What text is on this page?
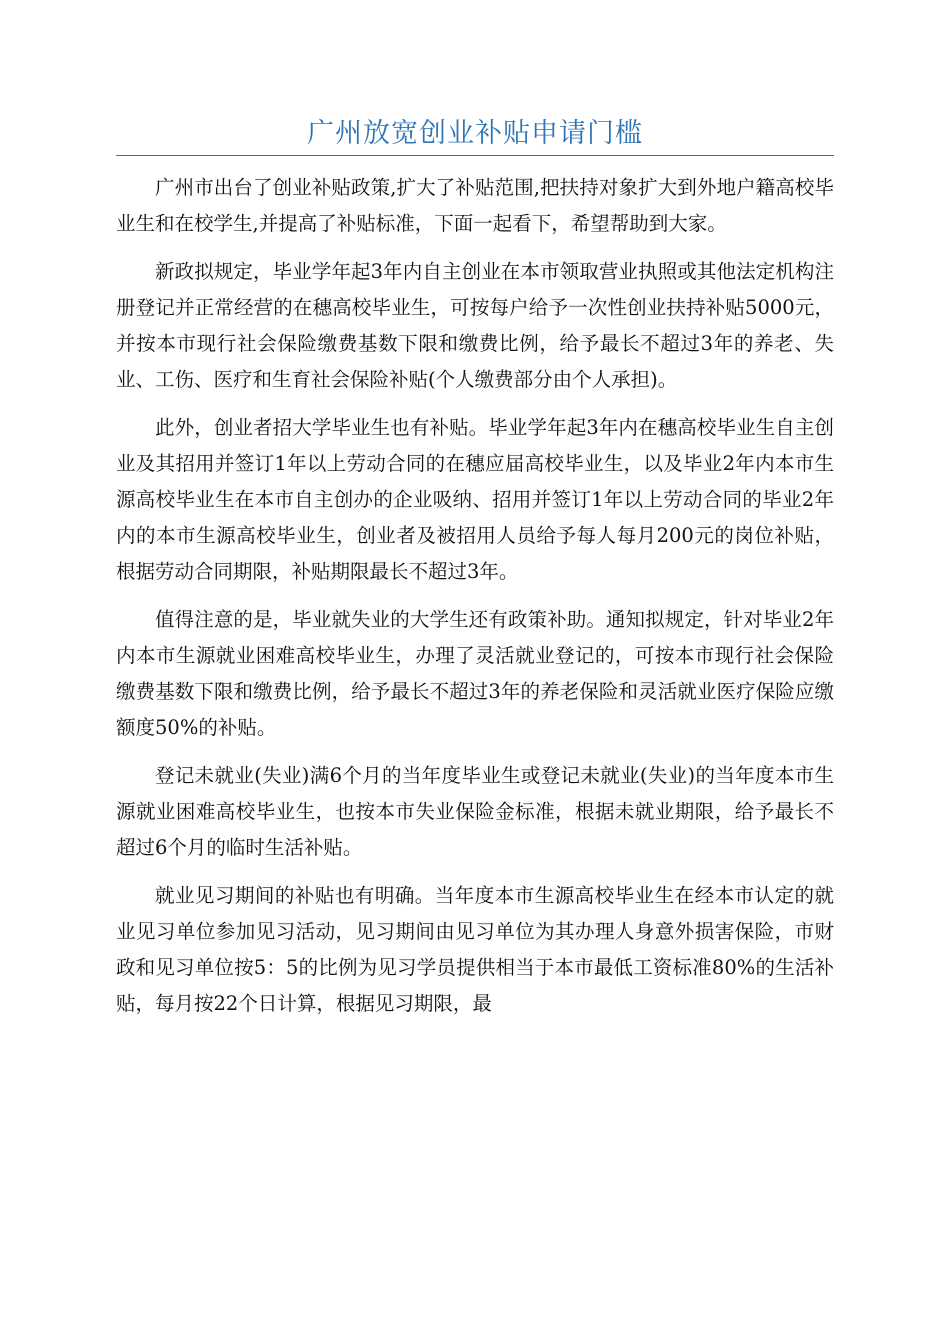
广州放宽创业补贴申请门槛

广州市出台了创业补贴政策,扩大了补贴范围,把扶持对象扩大到外地户籍高校毕业生和在校学生,并提高了补贴标准，下面一起看下，希望帮助到大家。

新政拟规定，毕业学年起3年内自主创业在本市领取营业执照或其他法定机构注册登记并正常经营的在穗高校毕业生，可按每户给予一次性创业扶持补贴5000元，并按本市现行社会保险缴费基数下限和缴费比例，给予最长不超过3年的养老、失业、工伤、医疗和生育社会保险补贴(个人缴费部分由个人承担)。

此外，创业者招大学毕业生也有补贴。毕业学年起3年内在穗高校毕业生自主创业及其招用并签订1年以上劳动合同的在穗应届高校毕业生，以及毕业2年内本市生源高校毕业生在本市自主创办的企业吸纳、招用并签订1年以上劳动合同的毕业2年内的本市生源高校毕业生，创业者及被招用人员给予每人每月200元的岗位补贴，根据劳动合同期限，补贴期限最长不超过3年。

值得注意的是，毕业就失业的大学生还有政策补助。通知拟规定，针对毕业2年内本市生源就业困难高校毕业生，办理了灵活就业登记的，可按本市现行社会保险缴费基数下限和缴费比例，给予最长不超过3年的养老保险和灵活就业医疗保险应缴额度50%的补贴。

登记未就业(失业)满6个月的当年度毕业生或登记未就业(失业)的当年度本市生源就业困难高校毕业生，也按本市失业保险金标准，根据未就业期限，给予最长不超过6个月的临时生活补贴。

就业见习期间的补贴也有明确。当年度本市生源高校毕业生在经本市认定的就业见习单位参加见习活动，见习期间由见习单位为其办理人身意外损害保险，市财政和见习单位按5：5的比例为见习学员提供相当于本市最低工资标准80%的生活补贴，每月按22个日计算，根据见习期限，最
